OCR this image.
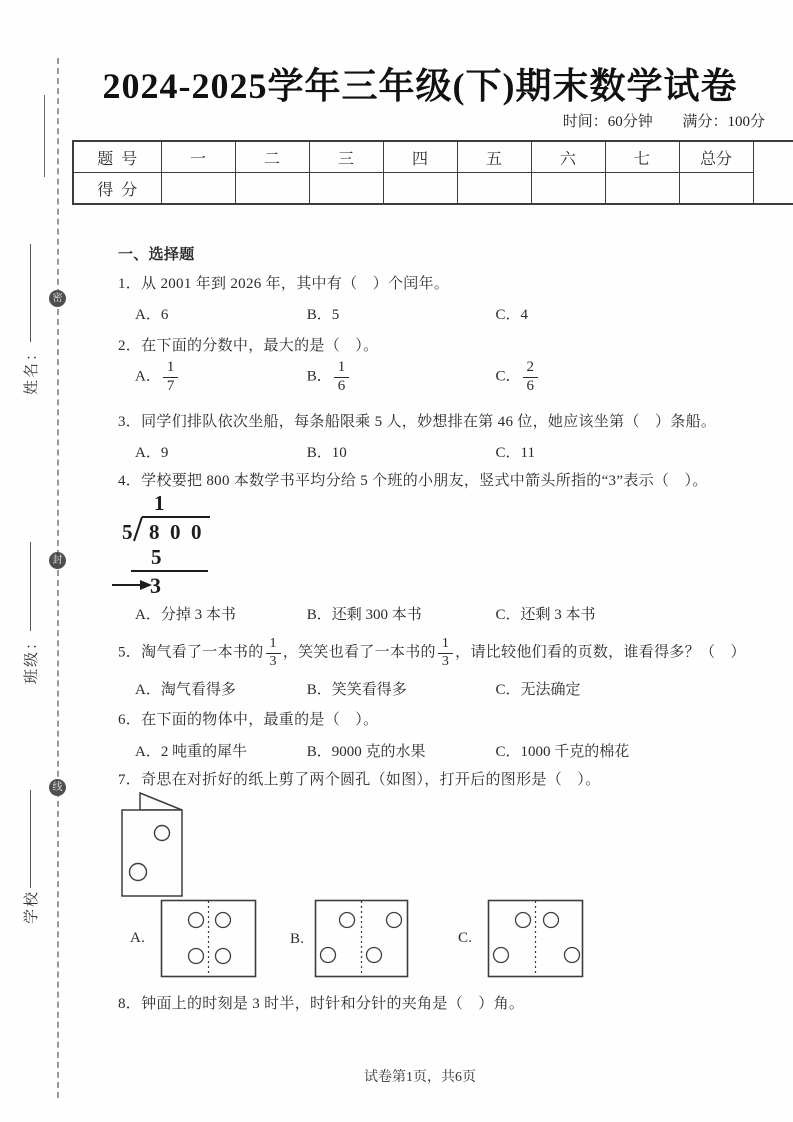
姓名：
班级：
学校
密
封
线
2024-2025学年三年级(下)期末数学试卷
时间：60分钟 满分：100分
题号	一	二	三	四	五	六	七	总分
得分								
一、选择题
1．从 2001 年到 2026 年，其中有（　）个闰年。
A．6	B．5	C．4
2．在下面的分数中，最大的是（　）。
A． $\frac{1}{7}$	B． $\frac{1}{6}$	C． $\frac{2}{6}$
3．同学们排队依次坐船，每条船限乘 5 人，妙想排在第 46 位，她应该坐第（　）条船。
A．9	B．10	C．11
4．学校要把 800 本数学书平均分给 5 个班的小朋友，竖式中箭头所指的“3”表示（　）。
1
5 8 0 0
5
3
A．分掉 3 本书	B．还剩 300 本书	C．还剩 3 本书
5．淘气看了一本书的 $\frac{1}{3}$ ，笑笑也看了一本书的 $\frac{1}{3}$ ，请比较他们看的页数，谁看得多？（　）
A．淘气看得多	B．笑笑看得多	C．无法确定
6．在下面的物体中，最重的是（　）。
A．2 吨重的犀牛	B．9000 克的水果	C．1000 千克的棉花
7．奇思在对折好的纸上剪了两个圆孔（如图），打开后的图形是（　）。
A.	B.	C.
8．钟面上的时刻是 3 时半，时针和分针的夹角是（　）角。
试卷第1页，共6页
